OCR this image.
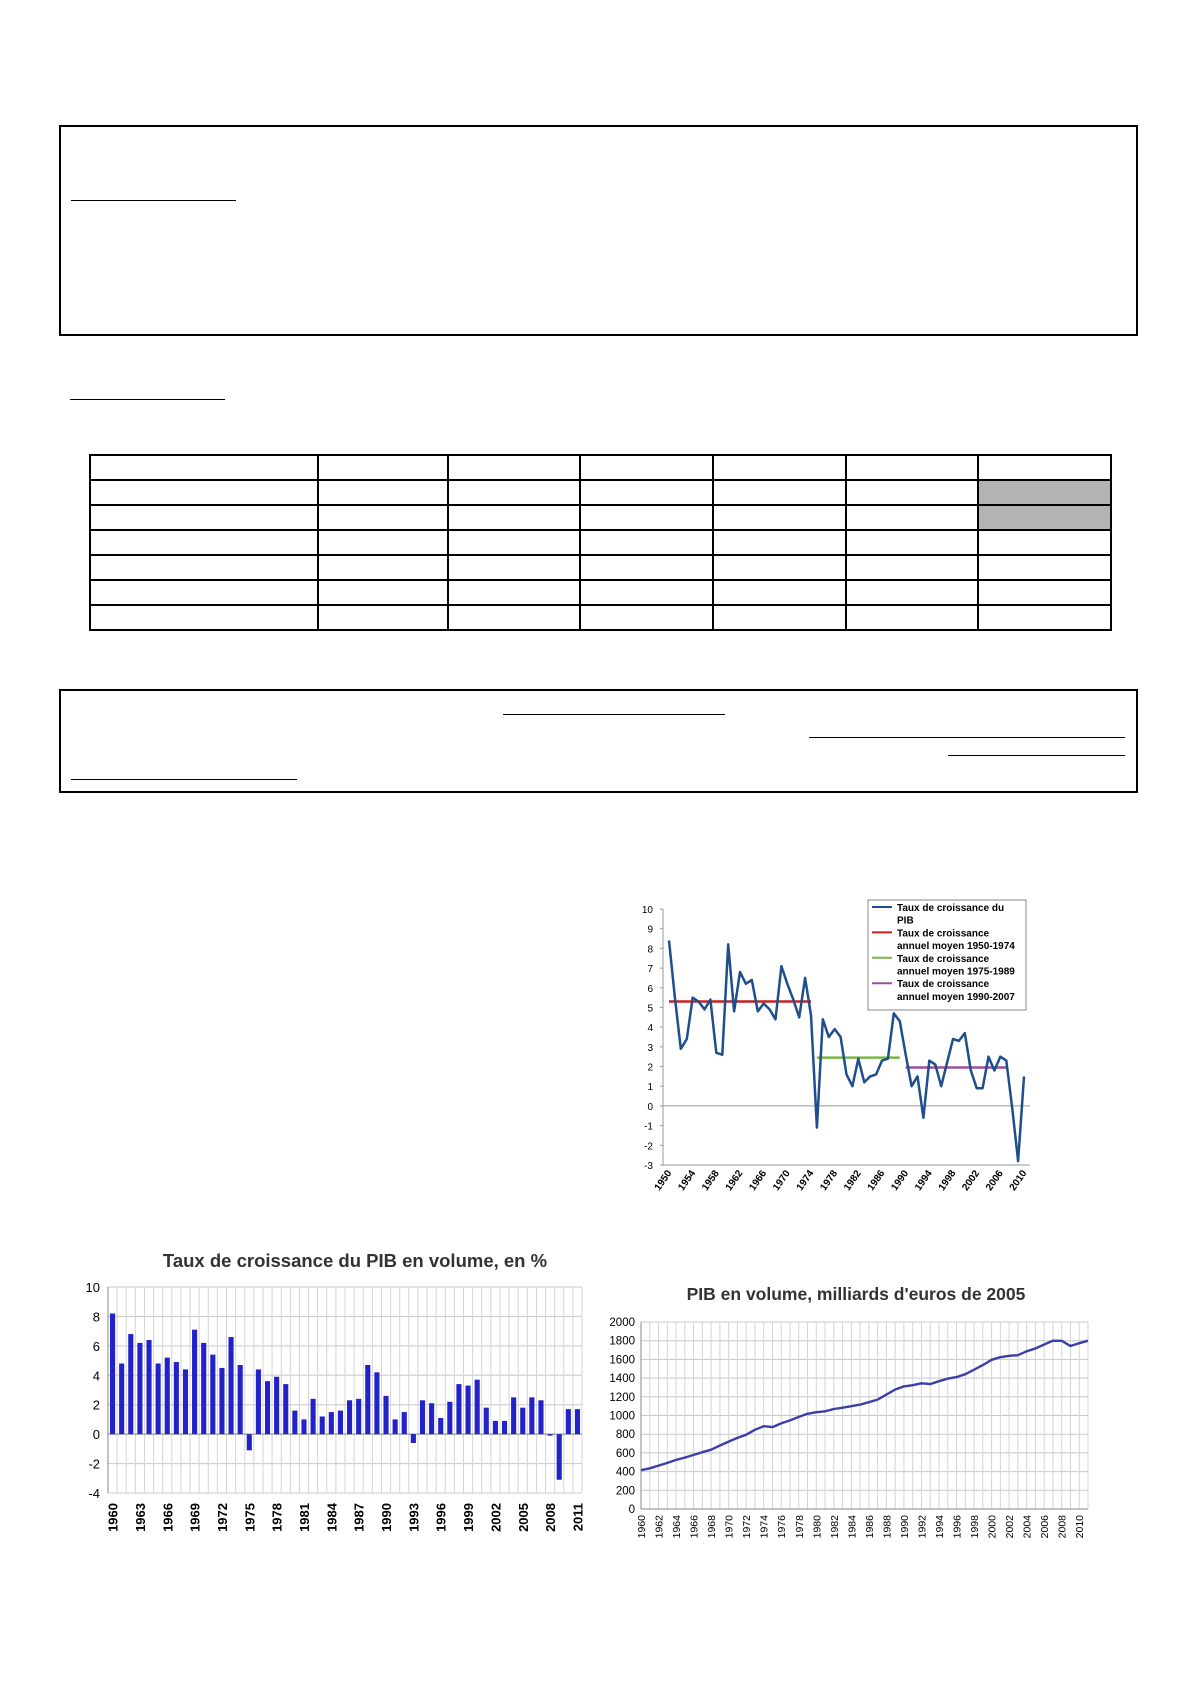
-3
-2
-1
0
1
2
3
4
5
6
7
8
9
10
1950 1954 1958 1962 1966 1970 1974 1978 1982 1986 1990 1994 1998 2002 2006 2010
Taux de croissance du
PIB
Taux de croissance
annuel moyen 1950-1974
Taux de croissance
annuel moyen 1975-1989
Taux de croissance
annuel moyen 1990-2007
Taux de croissance du PIB en volume, en %
-4
-2
0
2
4
6
8
10
1960 1963 1966 1969 1972 1975 1978 1981 1984 1987 1990 1993 1996 1999 2002 2005 2008 2011
PIB en volume, milliards d'euros de 2005
0
200
400
600
800
1000
1200
1400
1600
1800
2000
1960 1962 1964 1966 1968 1970 1972 1974 1976 1978 1980 1982 1984 1986 1988 1990 1992 1994 1996 1998 2000 2002 2004 2006 2008 2010
